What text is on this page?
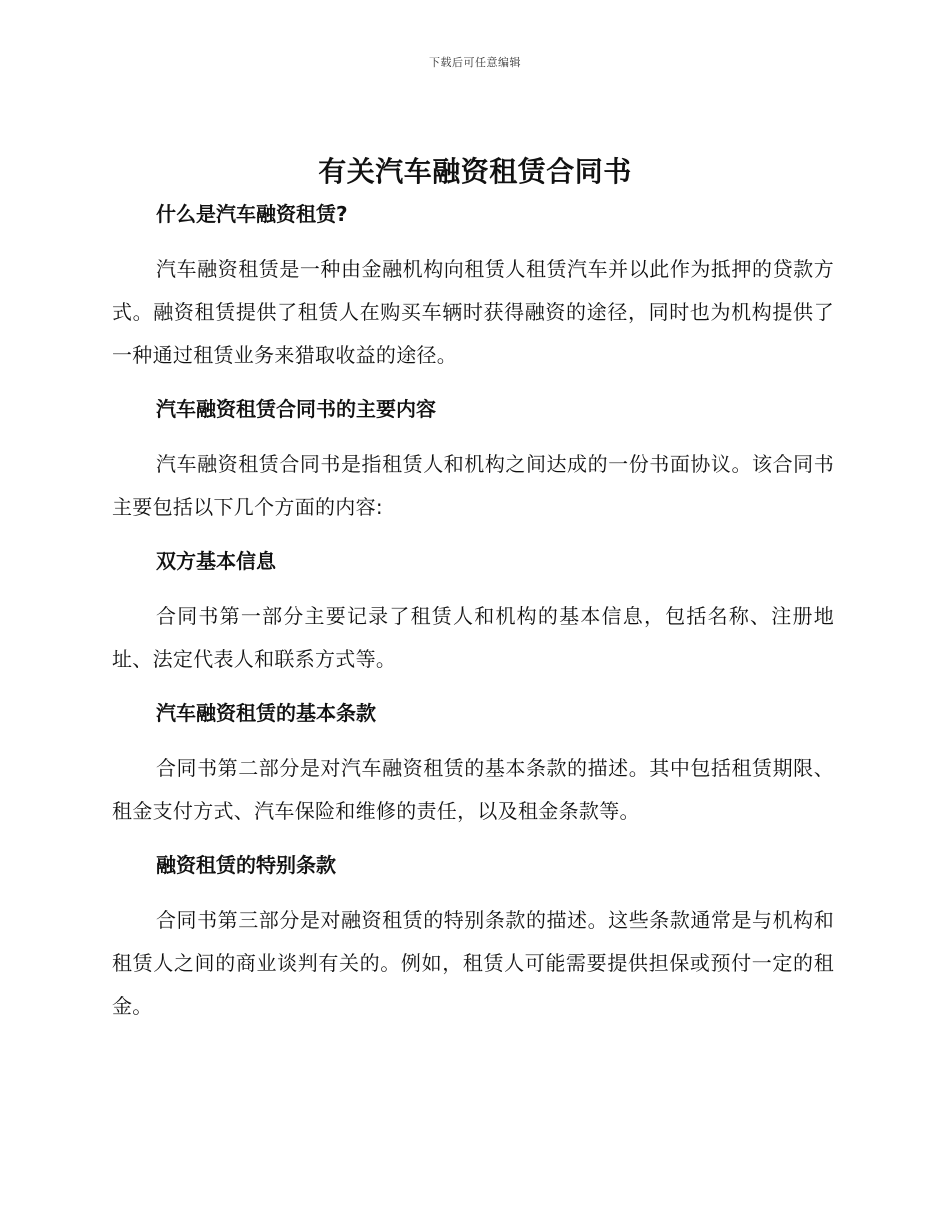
下载后可任意编辑
有关汽车融资租赁合同书
什么是汽车融资租赁?

汽车融资租赁是一种由金融机构向租赁人租赁汽车并以此作为抵押的贷款方式。融资租赁提供了租赁人在购买车辆时获得融资的途径，同时也为机构提供了一种通过租赁业务来猎取收益的途径。

汽车融资租赁合同书的主要内容

汽车融资租赁合同书是指租赁人和机构之间达成的一份书面协议。该合同书主要包括以下几个方面的内容:

双方基本信息

合同书第一部分主要记录了租赁人和机构的基本信息，包括名称、注册地址、法定代表人和联系方式等。

汽车融资租赁的基本条款

合同书第二部分是对汽车融资租赁的基本条款的描述。其中包括租赁期限、租金支付方式、汽车保险和维修的责任，以及租金条款等。

融资租赁的特别条款

合同书第三部分是对融资租赁的特别条款的描述。这些条款通常是与机构和租赁人之间的商业谈判有关的。例如，租赁人可能需要提供担保或预付一定的租金。
